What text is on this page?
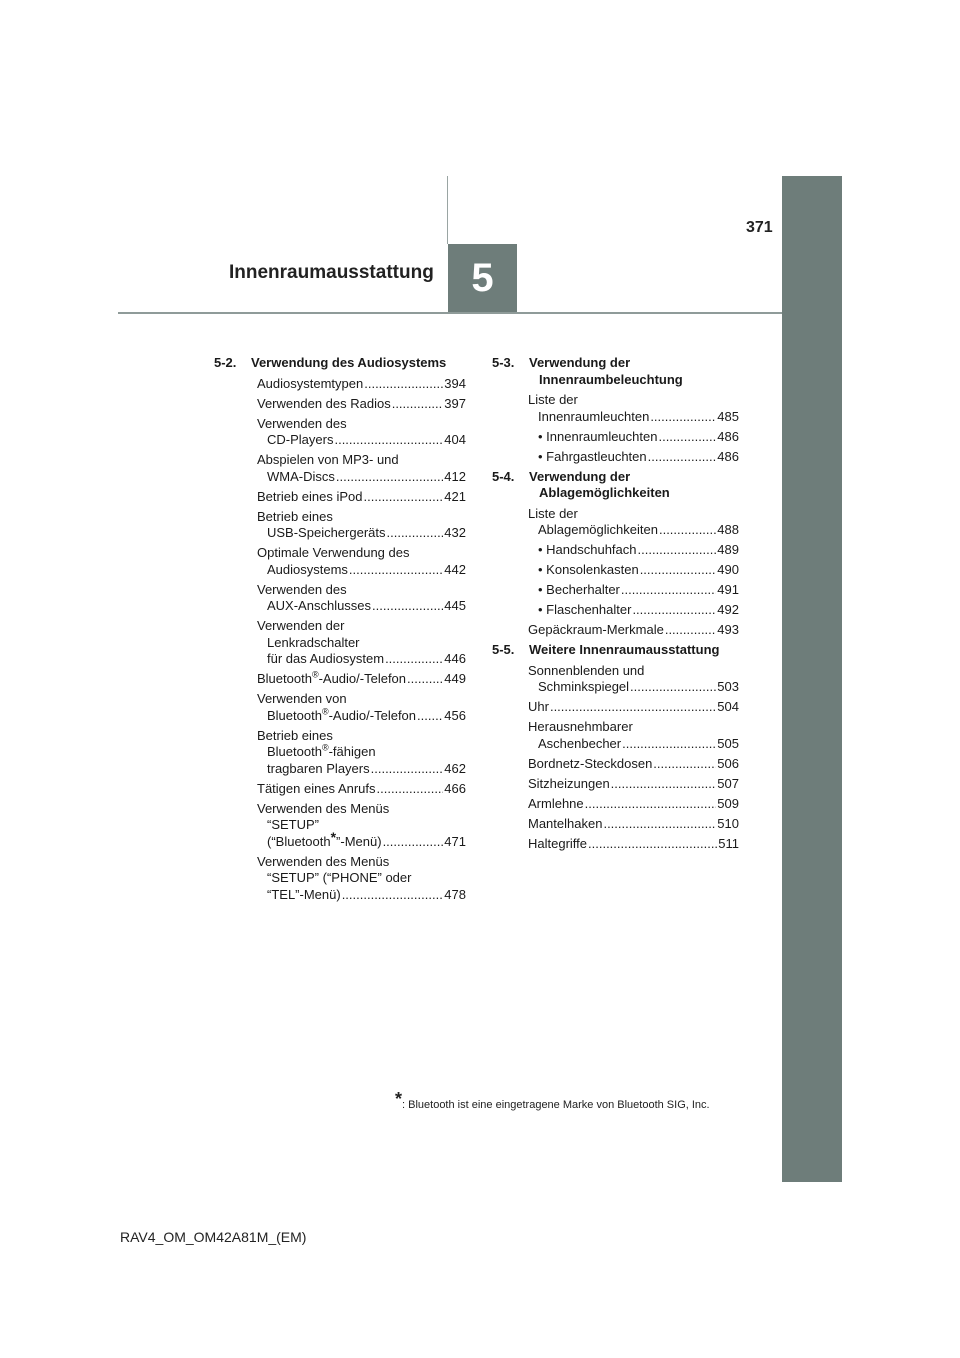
5
Innenraumausstattung
371
5-2.	Verwendung des Audiosystems
Audiosystemtypen .....	394
Verwenden des Radios .....	397
Verwenden des
CD-Players .....	404
Abspielen von MP3- und
WMA-Discs .....	412
Betrieb eines iPod .....	421
Betrieb eines
USB-Speichergeräts .....	432
Optimale Verwendung des
Audiosystems .....	442
Verwenden des
AUX-Anschlusses .....	445
Verwenden der
Lenkradschalter
für das Audiosystem .....	446
Bluetooth®-Audio/-Telefon .....	449
Verwenden von
Bluetooth®-Audio/-Telefon ..... 456
Betrieb eines
Bluetooth®-fähigen
tragbaren Players .....	462
Tätigen eines Anrufs .....	466
Verwenden des Menüs
“SETUP”
(“Bluetooth*”-Menü) .....	471
Verwenden des Menüs
“SETUP” (“PHONE” oder
“TEL”-Menü) .....	478
5-3.	Verwendung der
Innenraumbeleuchtung
Liste der
Innenraumleuchten .....	485
• Innenraumleuchten .....	486
• Fahrgastleuchten .....	486
5-4.	Verwendung der
Ablagemöglichkeiten
Liste der
Ablagemöglichkeiten .....	488
• Handschuhfach .....	489
• Konsolenkasten .....	490
• Becherhalter .....	491
• Flaschenhalter .....	492
Gepäckraum-Merkmale .....	493
5-5.	Weitere Innenraumausstattung
Sonnenblenden und
Schminkspiegel .....	503
Uhr .....	504
Herausnehmbarer
Aschenbecher .....	505
Bordnetz-Steckdosen .....	506
Sitzheizungen .....	507
Armlehne .....	509
Mantelhaken .....	510
Haltegriffe .....	511
*: Bluetooth ist eine eingetragene Marke von Bluetooth SIG, Inc.
RAV4_OM_OM42A81M_(EM)
